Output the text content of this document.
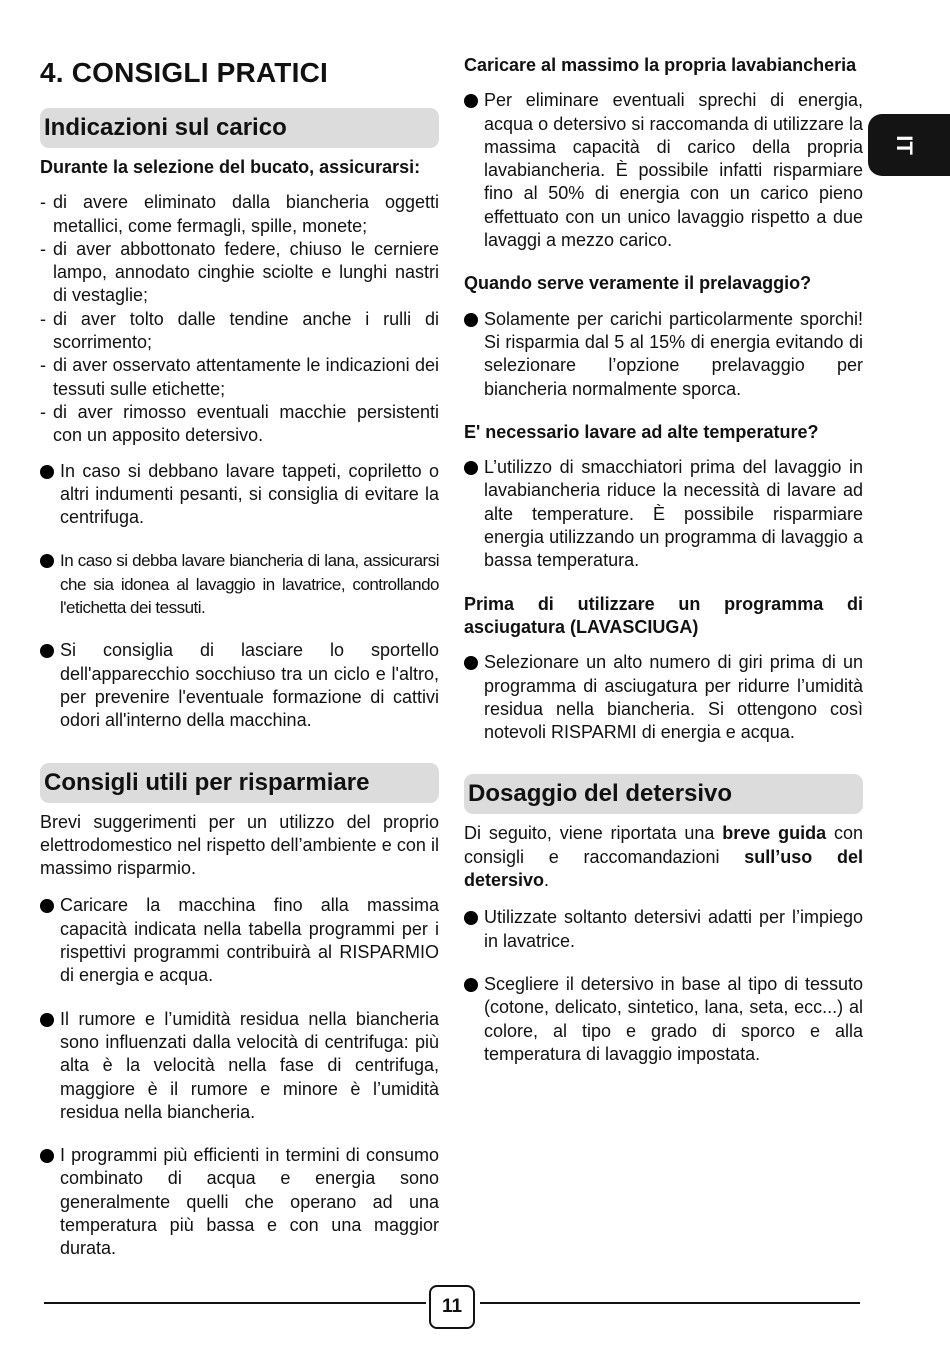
4. CONSIGLI PRATICI
Indicazioni sul carico

Durante la selezione del bucato, assicurarsi:

- di avere eliminato dalla biancheria oggetti metallici, come fermagli, spille, monete;
- di aver abbottonato federe, chiuso le cerniere lampo, annodato cinghie sciolte e lunghi nastri di vestaglie;
- di aver tolto dalle tendine anche i rulli di scorrimento;
- di aver osservato attentamente le indicazioni dei tessuti sulle etichette;
- di aver rimosso eventuali macchie persistenti con un apposito detersivo.

In caso si debbano lavare tappeti, copriletto o altri indumenti pesanti, si consiglia di evitare la centrifuga.

In caso si debba lavare biancheria di lana, assicurarsi che sia idonea al lavaggio in lavatrice, controllando l'etichetta dei tessuti.

Si consiglia di lasciare lo sportello dell'apparecchio socchiuso tra un ciclo e l'altro, per prevenire l'eventuale formazione di cattivi odori all'interno della macchina.

Consigli utili per risparmiare

Brevi suggerimenti per un utilizzo del proprio elettrodomestico nel rispetto dell’ambiente e con il massimo risparmio.

Caricare la macchina fino alla massima capacità indicata nella tabella programmi per i rispettivi programmi contribuirà al RISPARMIO di energia e acqua.

Il rumore e l’umidità residua nella biancheria sono influenzati dalla velocità di centrifuga: più alta è la velocità nella fase di centrifuga, maggiore è il rumore e minore è l’umidità residua nella biancheria.

I programmi più efficienti in termini di consumo combinato di acqua e energia sono generalmente quelli che operano ad una temperatura più bassa e con una maggior durata.

Caricare al massimo la propria lavabiancheria

Per eliminare eventuali sprechi di energia, acqua o detersivo si raccomanda di utilizzare la massima capacità di carico della propria lavabiancheria. È possibile infatti risparmiare fino al 50% di energia con un carico pieno effettuato con un unico lavaggio rispetto a due lavaggi a mezzo carico.

Quando serve veramente il prelavaggio?

Solamente per carichi particolarmente sporchi! Si risparmia dal 5 al 15% di energia evitando di selezionare l’opzione prelavaggio per biancheria normalmente sporca.

E' necessario lavare ad alte temperature?

L’utilizzo di smacchiatori prima del lavaggio in lavabiancheria riduce la necessità di lavare ad alte temperature. È possibile risparmiare energia utilizzando un programma di lavaggio a bassa temperatura.

Prima di utilizzare un programma di asciugatura (LAVASCIUGA)

Selezionare un alto numero di giri prima di un programma di asciugatura per ridurre l’umidità residua nella biancheria. Si ottengono così notevoli RISPARMI di energia e acqua.

Dosaggio del detersivo

Di seguito, viene riportata una breve guida con consigli e raccomandazioni sull’uso del detersivo.

Utilizzate soltanto detersivi adatti per l’impiego in lavatrice.

Scegliere il detersivo in base al tipo di tessuto (cotone, delicato, sintetico, lana, seta, ecc...) al colore, al tipo e grado di sporco e alla temperatura di lavaggio impostata.

IT
11
